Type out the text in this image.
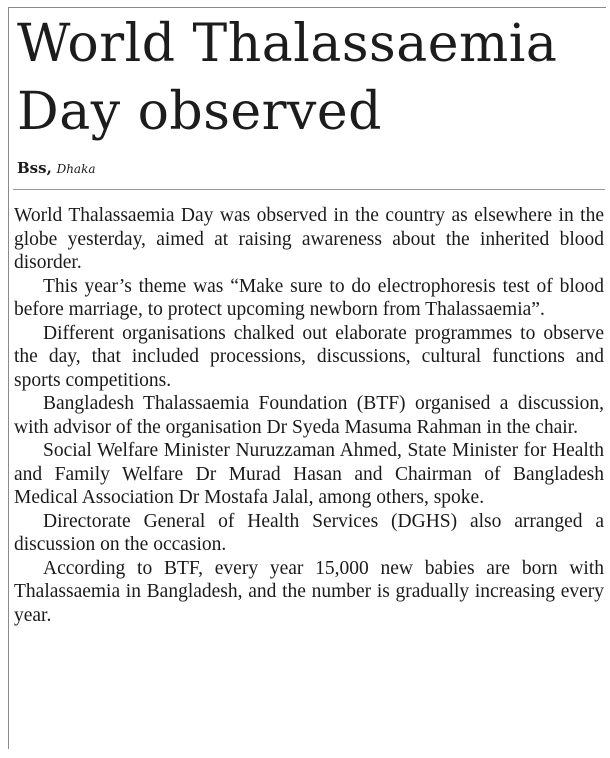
World Thalassaemia Day observed
Bss, Dhaka

World Thalassaemia Day was observed in the country as elsewhere in the globe yesterday, aimed at raising awareness about the inherited blood disorder.

This year’s theme was “Make sure to do electrophoresis test of blood before marriage, to protect upcoming newborn from Thalassaemia”.

Different organisations chalked out elaborate programmes to observe the day, that included processions, discussions, cultural functions and sports competitions.

Bangladesh Thalassaemia Foundation (BTF) organised a discussion, with advisor of the organisation Dr Syeda Masuma Rahman in the chair.

Social Welfare Minister Nuruzzaman Ahmed, State Minister for Health and Family Welfare Dr Murad Hasan and Chairman of Bangladesh Medical Association Dr Mostafa Jalal, among others, spoke.

Directorate General of Health Services (DGHS) also arranged a discussion on the occasion.

According to BTF, every year 15,000 new babies are born with Thalassaemia in Bangladesh, and the number is gradually increasing every year.
